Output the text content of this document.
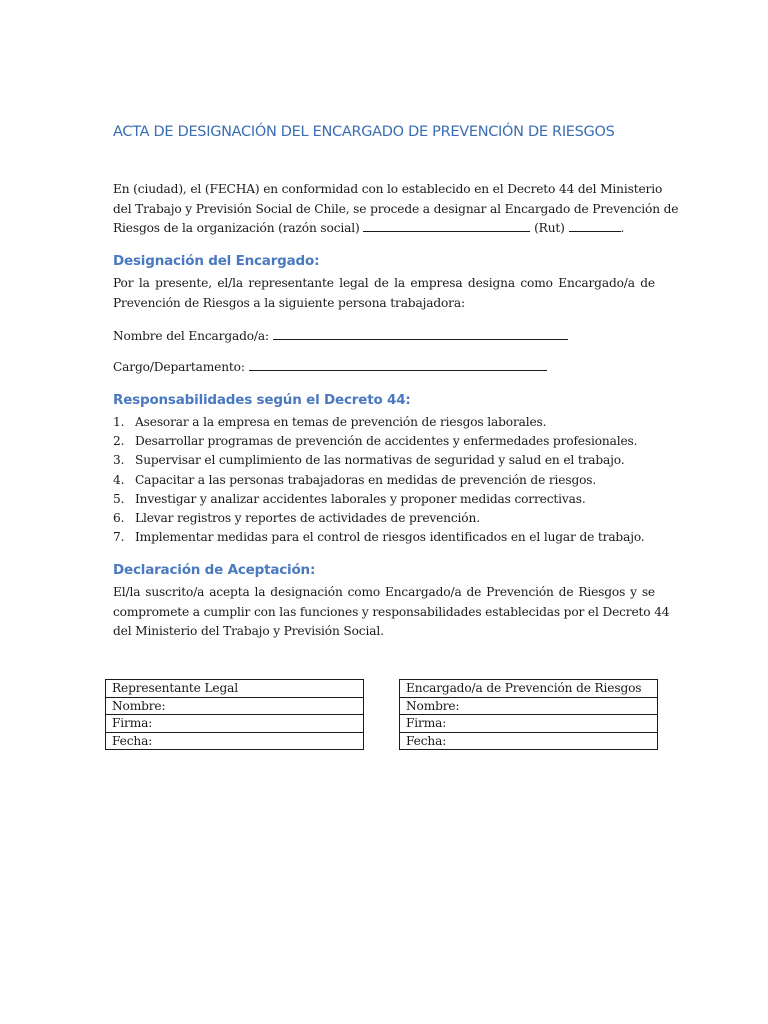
ACTA DE DESIGNACIÓN DEL ENCARGADO DE PREVENCIÓN DE RIESGOS

En (ciudad), el (FECHA) en conformidad con lo establecido en el Decreto 44 del Ministerio
del Trabajo y Previsión Social de Chile, se procede a designar al Encargado de Prevención de
Riesgos de la organización (razón social)	(Rut)	.

Designación del Encargado:

Por la presente, el/la representante legal de la empresa designa como Encargado/a de
Prevención de Riesgos a la siguiente persona trabajadora:

Nombre del Encargado/a:
Cargo/Departamento:
Responsabilidades según el Decreto 44:
1. Asesorar a la empresa en temas de prevención de riesgos laborales.
2. Desarrollar programas de prevención de accidentes y enfermedades profesionales.
3. Supervisar el cumplimiento de las normativas de seguridad y salud en el trabajo.
4. Capacitar a las personas trabajadoras en medidas de prevención de riesgos.
5. Investigar y analizar accidentes laborales y proponer medidas correctivas.
6. Llevar registros y reportes de actividades de prevención.
7. Implementar medidas para el control de riesgos identificados en el lugar de trabajo.
Declaración de Aceptación:

El/la suscrito/a acepta la designación como Encargado/a de Prevención de Riesgos y se
compromete a cumplir con las funciones y responsabilidades establecidas por el Decreto 44
del Ministerio del Trabajo y Previsión Social.

Representante Legal
Nombre:
Firma:
Fecha:
Encargado/a de Prevención de Riesgos
Nombre:
Firma:
Fecha:
